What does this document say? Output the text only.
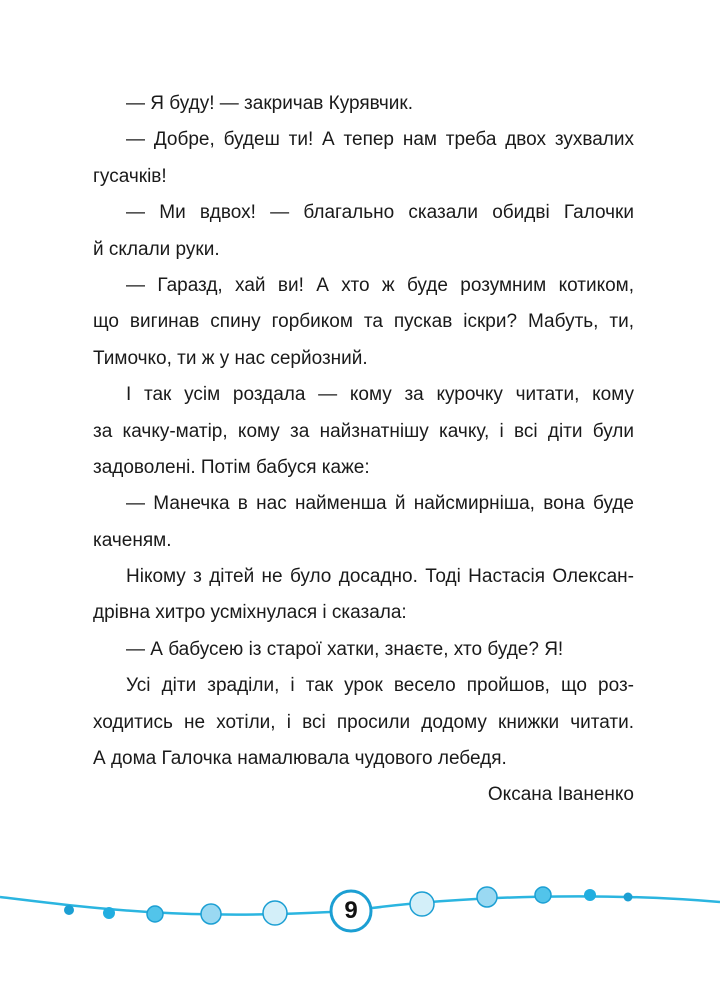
— Я буду! — закричав Курявчик.
— Добре, будеш ти! А тепер нам треба двох зухвалих
гусачків!
— Ми вдвох! — благально сказали обидві Галочки
й склали руки.
— Гаразд, хай ви! А хто ж буде розумним котиком,
що вигинав спину горбиком та пускав іскри? Мабуть, ти,
Тимочко, ти ж у нас серйозний.
І так усім роздала — кому за курочку читати, кому
за качку-матір, кому за найзнатнішу качку, і всі діти були
задоволені. Потім бабуся каже:
— Манечка в нас найменша й найсмирніша, вона буде
каченям.
Нікому з дітей не було досадно. Тоді Настасія Олексан-
дрівна хитро усміхнулася і сказала:
— А бабусею із старої хатки, знаєте, хто буде? Я!
Усі діти зраділи, і так урок весело пройшов, що роз-
ходитись не хотіли, і всі просили додому книжки читати.
А дома Галочка намалювала чудового лебедя.
Оксана Іваненко
9
